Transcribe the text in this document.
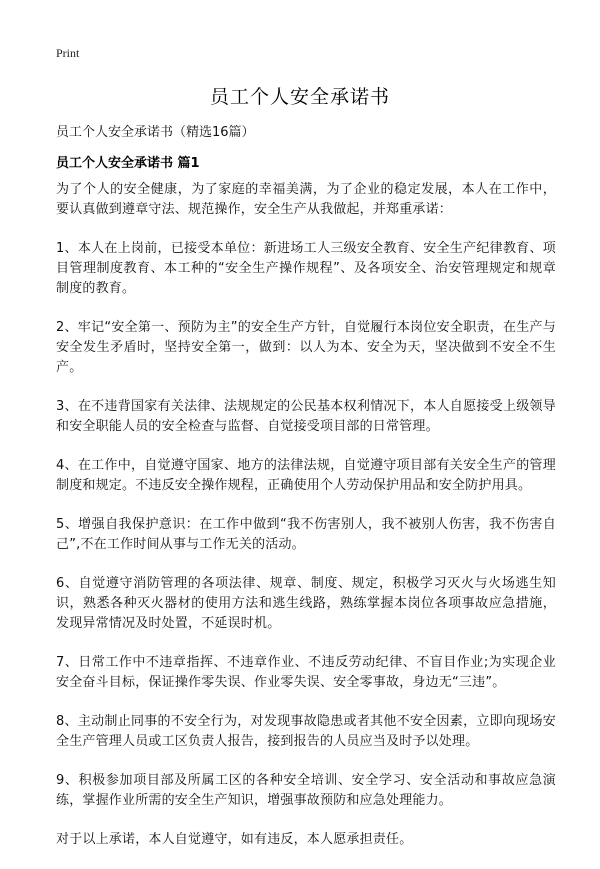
Print
员工个人安全承诺书
员工个人安全承诺书（精选16篇）
员工个人安全承诺书 篇1

为了个人的安全健康，为了家庭的幸福美满，为了企业的稳定发展，本人在工作中，要认真做到遵章守法、规范操作，安全生产从我做起，并郑重承诺：

1、本人在上岗前，已接受本单位：新进场工人三级安全教育、安全生产纪律教育、项目管理制度教育、本工种的“安全生产操作规程”、及各项安全、治安管理规定和规章制度的教育。

2、牢记“安全第一、预防为主”的安全生产方针，自觉履行本岗位安全职责，在生产与安全发生矛盾时，坚持安全第一，做到：以人为本、安全为天，坚决做到不安全不生产。

3、在不违背国家有关法律、法规规定的公民基本权利情况下，本人自愿接受上级领导和安全职能人员的安全检查与监督、自觉接受项目部的日常管理。

4、在工作中，自觉遵守国家、地方的法律法规，自觉遵守项目部有关安全生产的管理制度和规定。不违反安全操作规程，正确使用个人劳动保护用品和安全防护用具。

5、增强自我保护意识：在工作中做到“我不伤害别人，我不被别人伤害，我不伤害自己”,不在工作时间从事与工作无关的活动。

6、自觉遵守消防管理的各项法律、规章、制度、规定，积极学习灭火与火场逃生知识，熟悉各种灭火器材的使用方法和逃生线路，熟练掌握本岗位各项事故应急措施，发现异常情况及时处置，不延误时机。

7、日常工作中不违章指挥、不违章作业、不违反劳动纪律、不盲目作业;为实现企业安全奋斗目标，保证操作零失误、作业零失误、安全零事故，身边无“三违”。

8、主动制止同事的不安全行为，对发现事故隐患或者其他不安全因素，立即向现场安全生产管理人员或工区负责人报告，接到报告的人员应当及时予以处理。

9、积极参加项目部及所属工区的各种安全培训、安全学习、安全活动和事故应急演练，掌握作业所需的安全生产知识，增强事故预防和应急处理能力。

对于以上承诺，本人自觉遵守，如有违反，本人愿承担责任。
